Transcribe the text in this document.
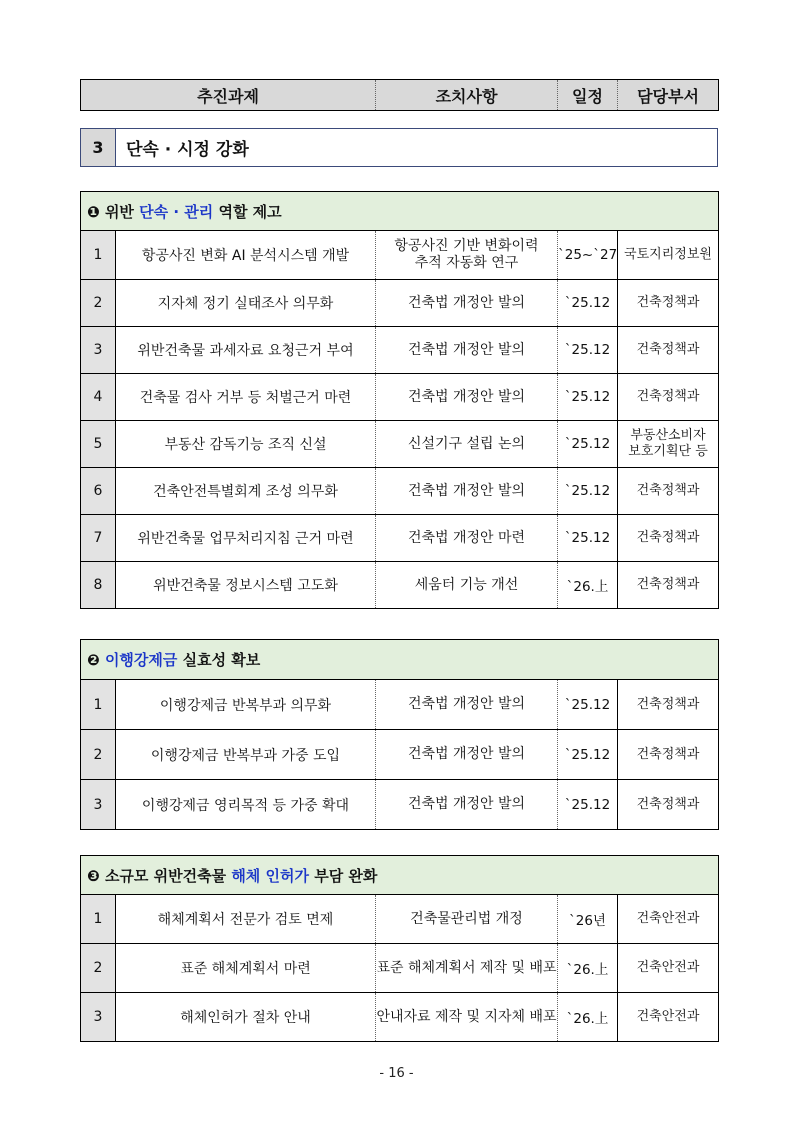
추진과제	조치사항	일정	담당부서
3	단속 · 시정 강화
❶ 위반 단속 · 관리 역할 제고				
1	항공사진 변화 AI 분석시스템 개발	항공사진 기반 변화이력
추적 자동화 연구	`25~`27	국토지리정보원
2	지자체 정기 실태조사 의무화	건축법 개정안 발의	`25.12	건축정책과
3	위반건축물 과세자료 요청근거 부여	건축법 개정안 발의	`25.12	건축정책과
4	건축물 검사 거부 등 처벌근거 마련	건축법 개정안 발의	`25.12	건축정책과
5	부동산 감독기능 조직 신설	신설기구 설립 논의	`25.12	부동산소비자
보호기획단 등
6	건축안전특별회계 조성 의무화	건축법 개정안 발의	`25.12	건축정책과
7	위반건축물 업무처리지침 근거 마련	건축법 개정안 마련	`25.12	건축정책과
8	위반건축물 정보시스템 고도화	세움터 기능 개선	`26.上	건축정책과
❷ 이행강제금 실효성 확보				
1	이행강제금 반복부과 의무화	건축법 개정안 발의	`25.12	건축정책과
2	이행강제금 반복부과 가중 도입	건축법 개정안 발의	`25.12	건축정책과
3	이행강제금 영리목적 등 가중 확대	건축법 개정안 발의	`25.12	건축정책과
❸ 소규모 위반건축물 해체 인허가 부담 완화				
1	해체계획서 전문가 검토 면제	건축물관리법 개정	`26년	건축안전과
2	표준 해체계획서 마련	표준 해체계획서 제작 및 배포	`26.上	건축안전과
3	해체인허가 절차 안내	안내자료 제작 및 지자체 배포	`26.上	건축안전과
- 16 -
